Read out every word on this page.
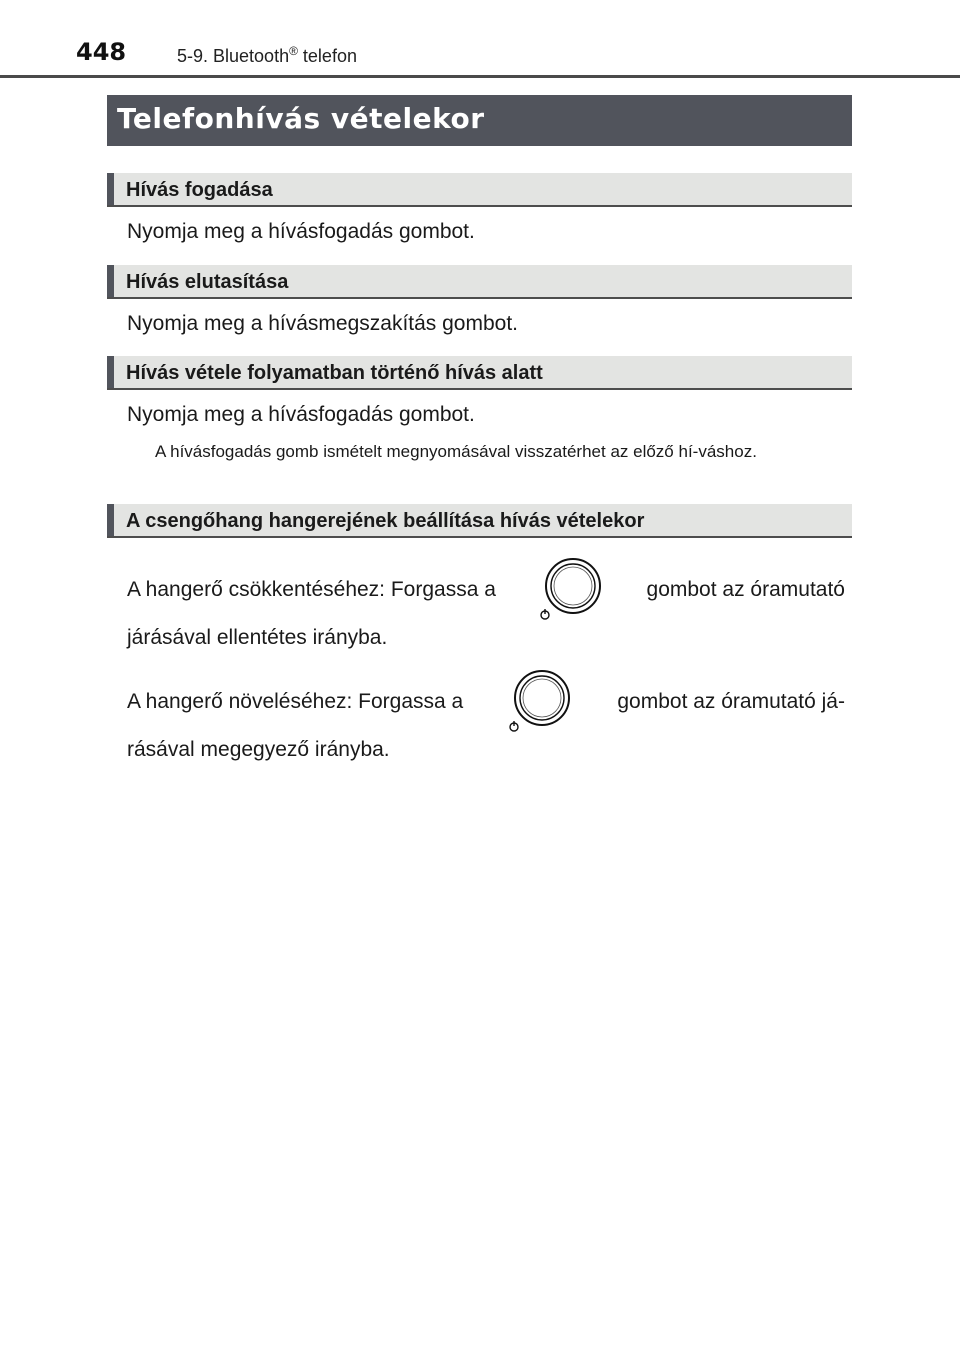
448	5-9. Bluetooth® telefon
Telefonhívás vételekor
Hívás fogadása
Nyomja meg a hívásfogadás gombot.
Hívás elutasítása
Nyomja meg a hívásmegszakítás gombot.
Hívás vétele folyamatban történő hívás alatt
Nyomja meg a hívásfogadás gombot.
A hívásfogadás gomb ismételt megnyomásával visszatérhet az előző hí-váshoz.
A csengőhang hangerejének beállítása hívás vételekor
A hangerő csökkentéséhez: Forgassa a	gombot az óramutató
járásával ellentétes irányba.
A hangerő növeléséhez: Forgassa a	gombot az óramutató já-
rásával megegyező irányba.
